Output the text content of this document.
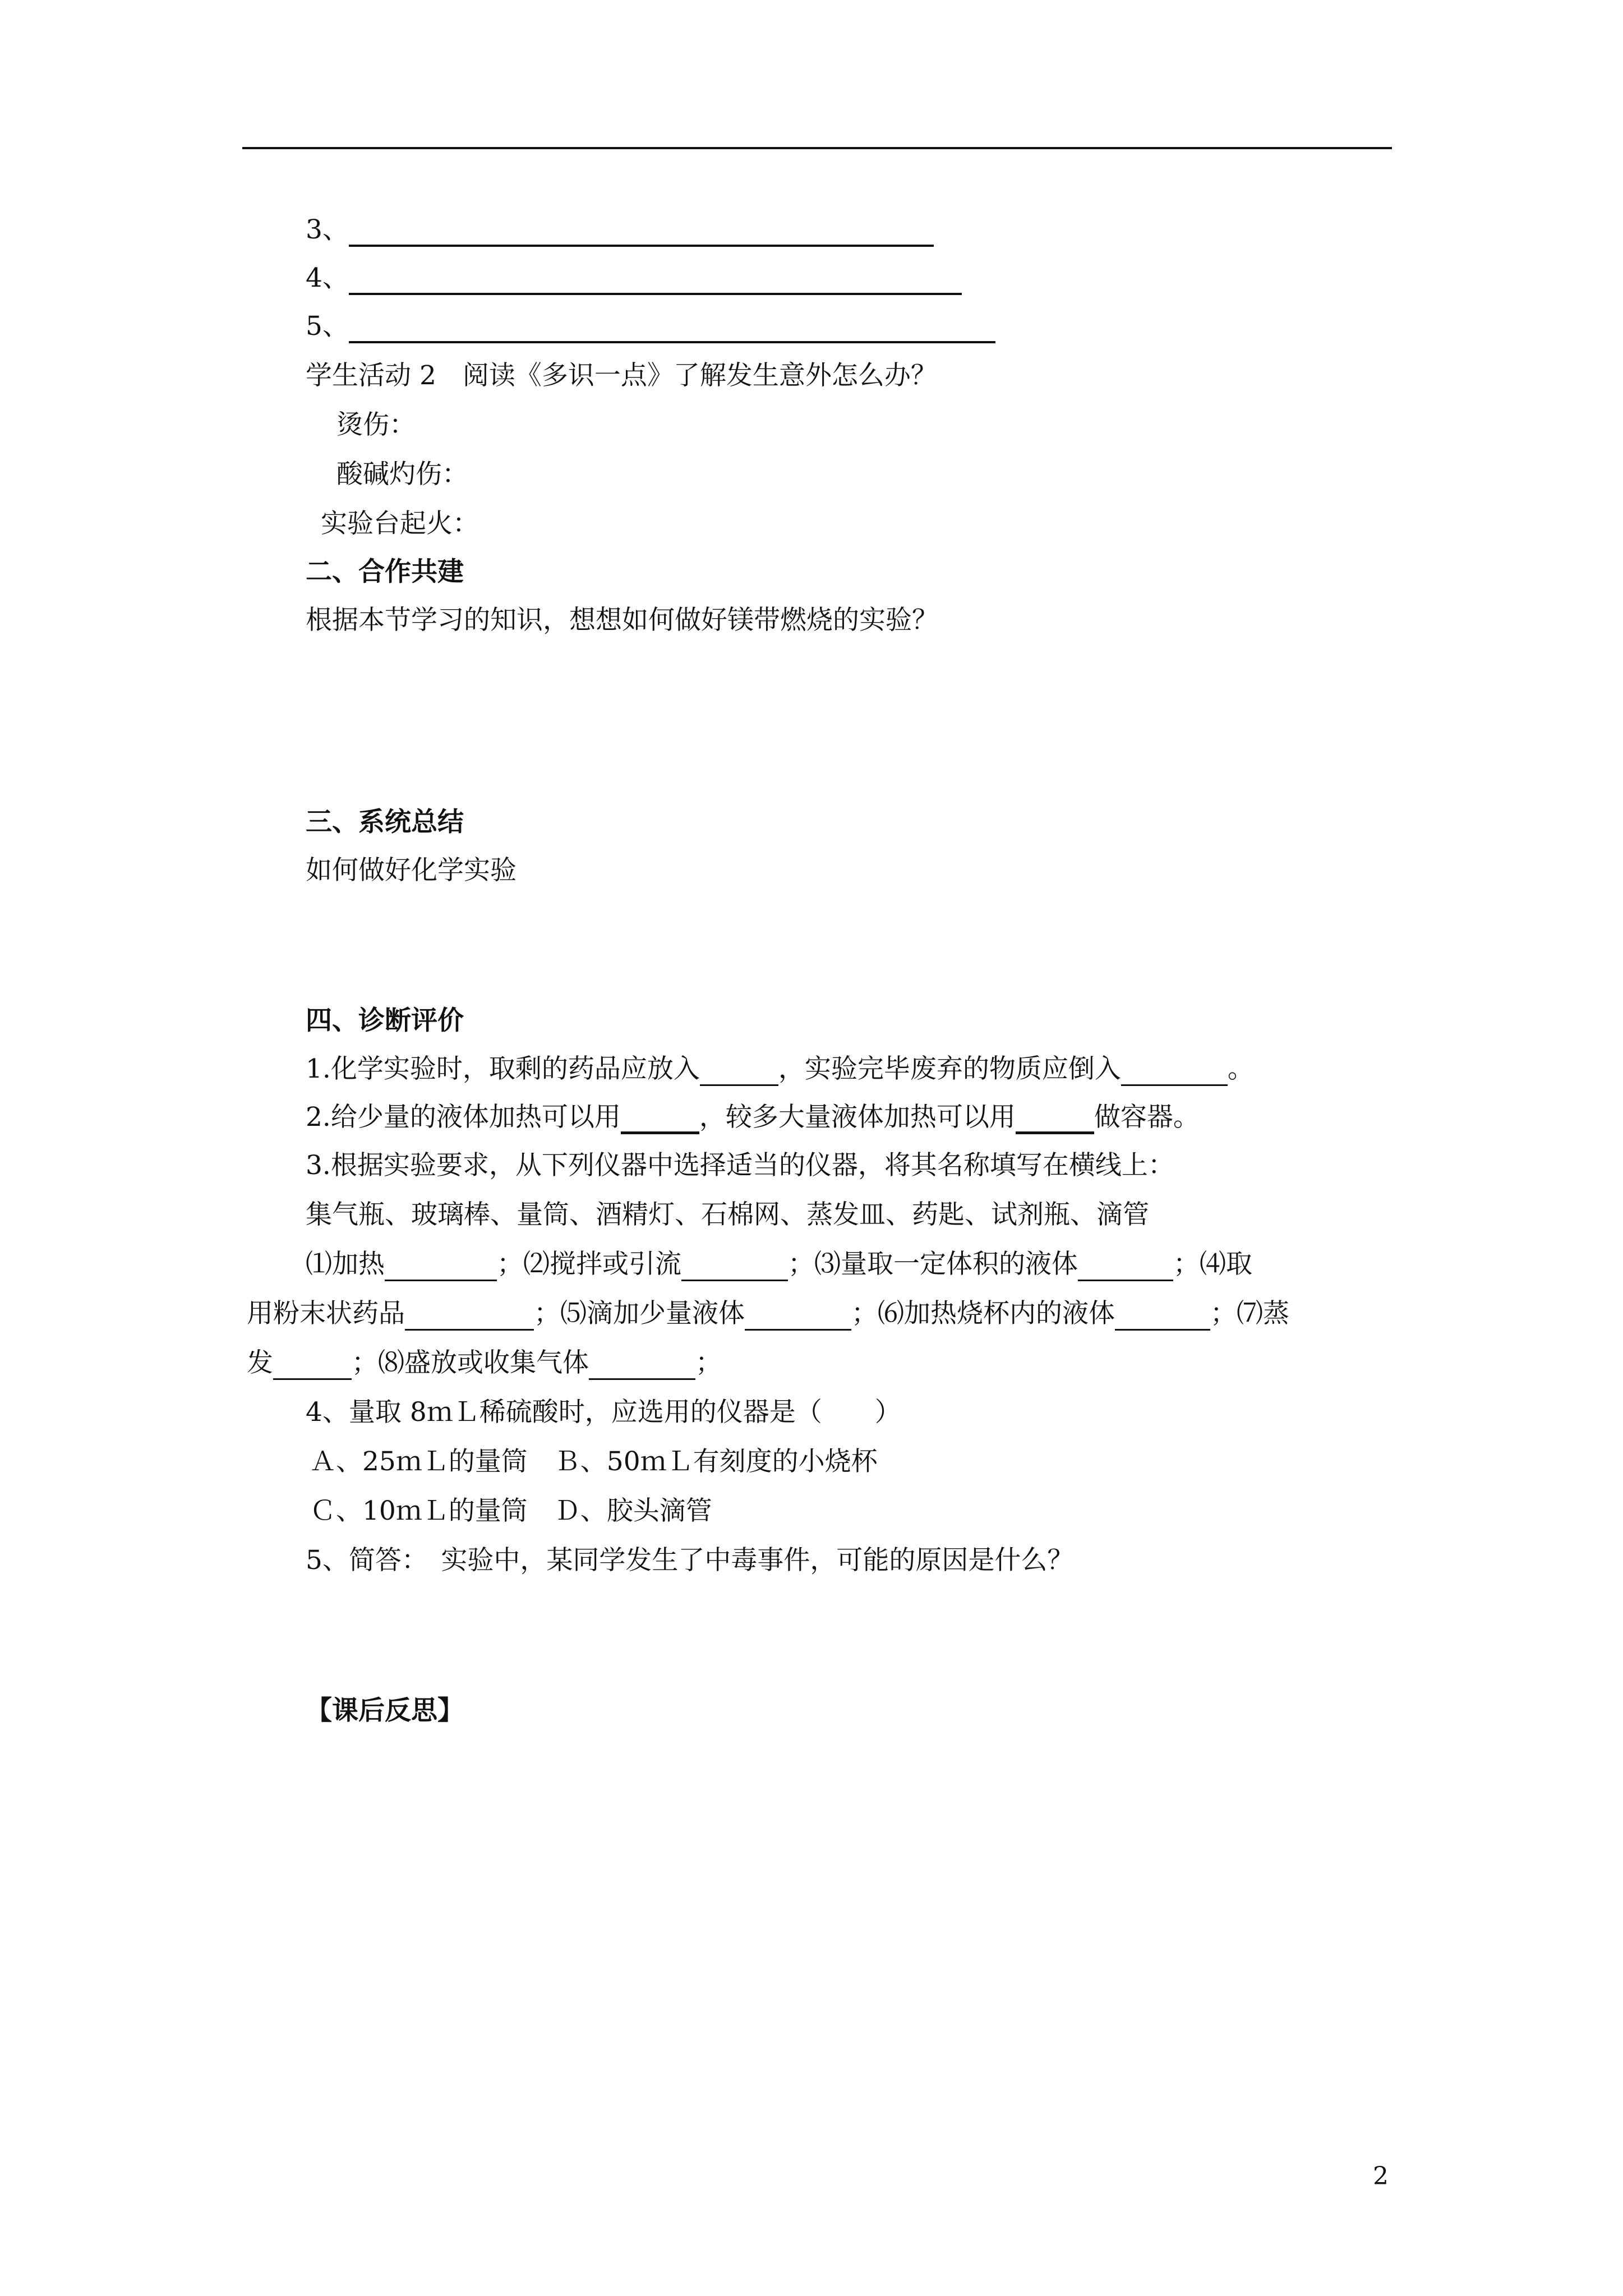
3、
4、
5、
学生活动 2　阅读《多识一点》了解发生意外怎么办？
烫伤：
酸碱灼伤：
实验台起火：
二、合作共建
根据本节学习的知识，想想如何做好镁带燃烧的实验？
三、系统总结
如何做好化学实验
四、诊断评价
1.化学实验时，取剩的药品应放入	，实验完毕废弃的物质应倒入	。
2.给少量的液体加热可以用	，较多大量液体加热可以用	做容器。
3.根据实验要求，从下列仪器中选择适当的仪器，将其名称填写在横线上：
集气瓶、玻璃棒、量筒、酒精灯、石棉网、蒸发皿、药匙、试剂瓶、滴管
⑴加热	；⑵搅拌或引流	；⑶量取一定体积的液体	；⑷取
用粉末状药品	；⑸滴加少量液体	；⑹加热烧杯内的液体	；⑺蒸
发	；⑻盛放或收集气体	；
4、量取 8ｍＬ稀硫酸时，应选用的仪器是（　　）
Ａ、25ｍＬ的量筒　Ｂ、50ｍＬ有刻度的小烧杯
Ｃ、10ｍＬ的量筒　Ｄ、胶头滴管
5、简答：　实验中，某同学发生了中毒事件，可能的原因是什么？
【课后反思】
2
